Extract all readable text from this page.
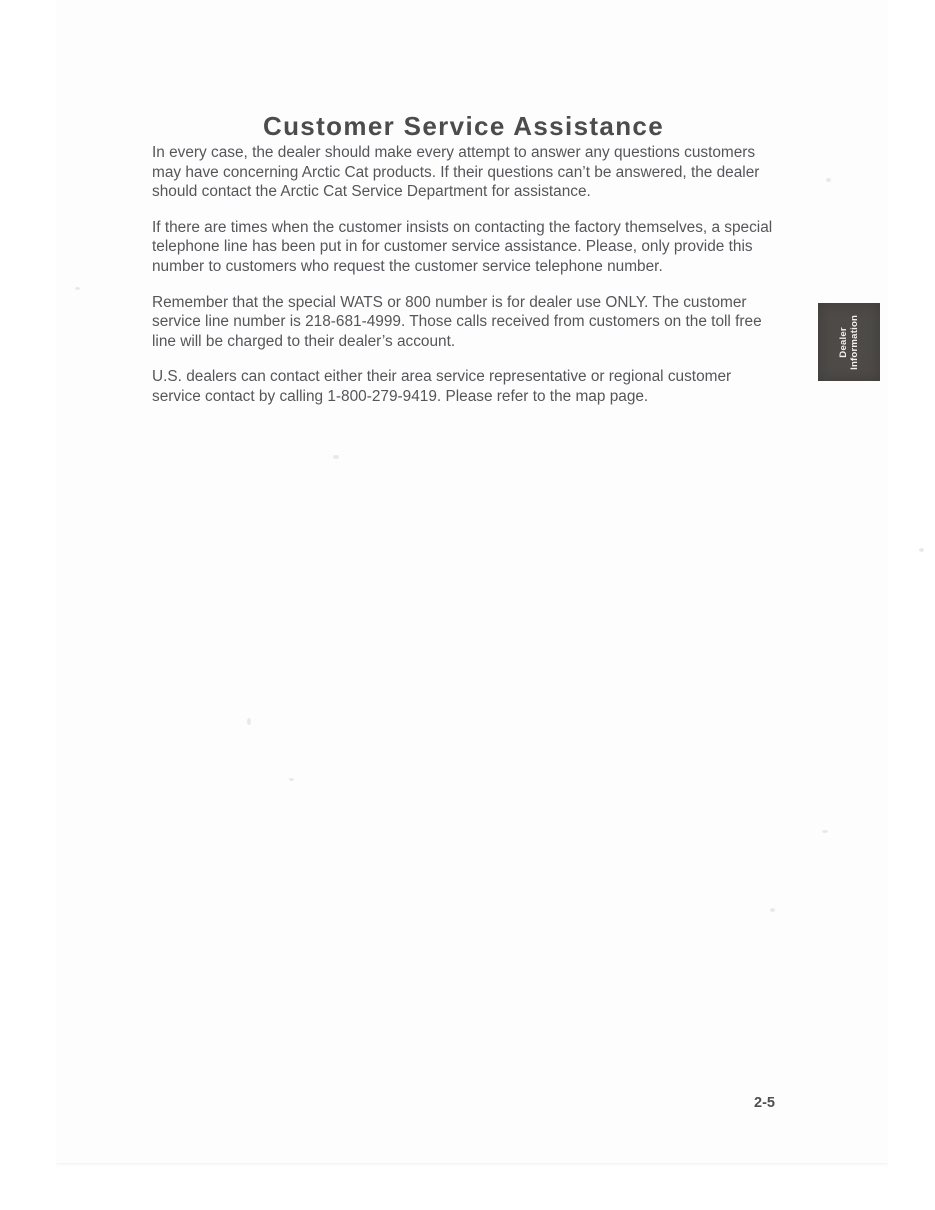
Customer Service Assistance

In every case, the dealer should make every attempt to answer any questions customers may have concerning Arctic Cat products. If their questions can’t be answered, the dealer should contact the Arctic Cat Service Department for assistance.

If there are times when the customer insists on contacting the factory themselves, a special telephone line has been put in for customer service assistance. Please, only provide this number to customers who request the customer service telephone number.

Remember that the special WATS or 800 number is for dealer use ONLY. The customer service line number is 218-681-4999. Those calls received from customers on the toll free line will be charged to their dealer’s account.

U.S. dealers can contact either their area service representative or regional customer service contact by calling 1-800-279-9419. Please refer to the map page.

Dealer Information
2-5
